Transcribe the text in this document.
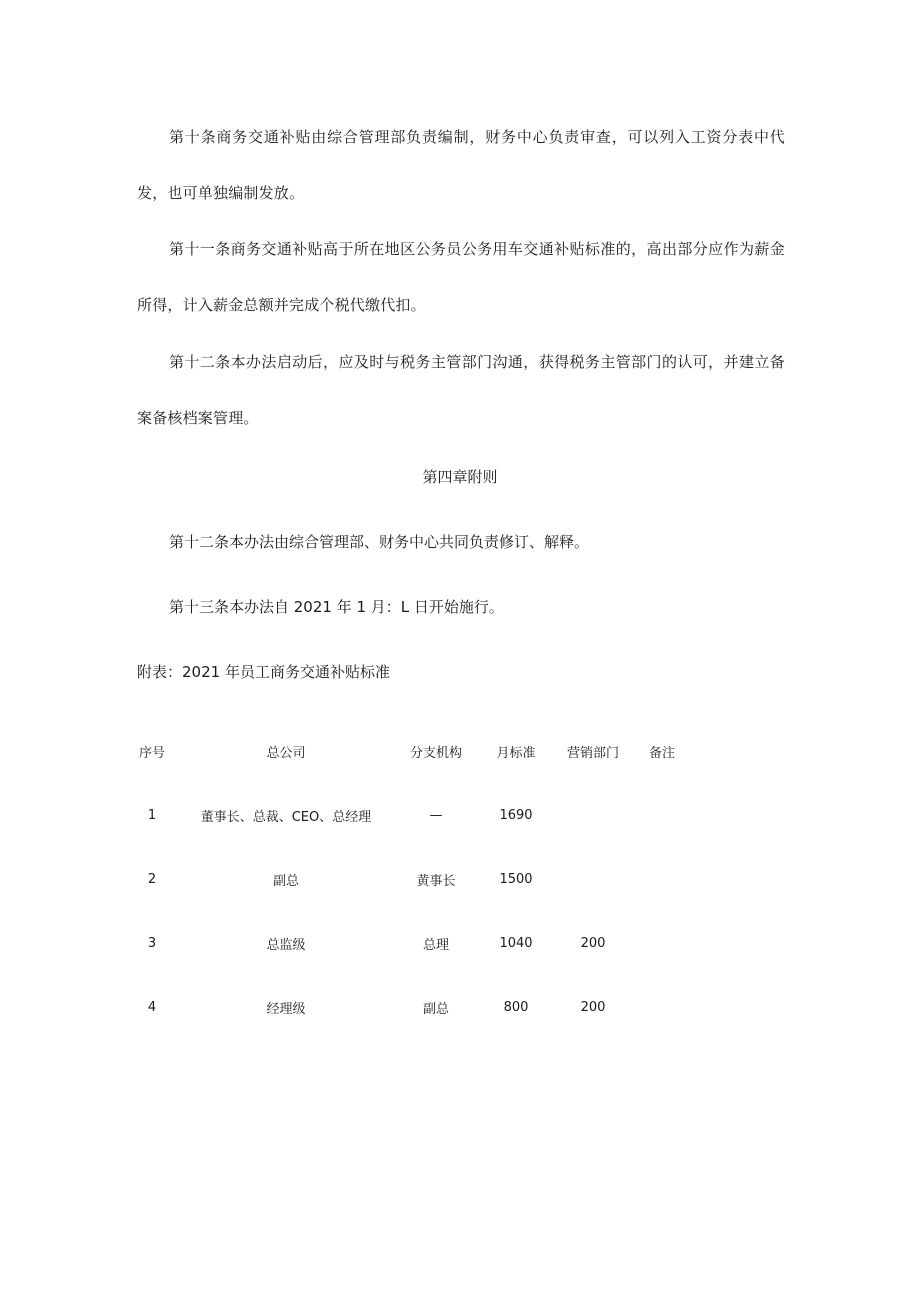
第十条商务交通补贴由综合管理部负责编制，财务中心负责审查，可以列入工资分表中代发，也可单独编制发放。

第十一条商务交通补贴高于所在地区公务员公务用车交通补贴标准的，高出部分应作为薪金所得，计入薪金总额并完成个税代缴代扣。

第十二条本办法启动后，应及时与税务主管部门沟通，获得税务主管部门的认可，并建立备案备核档案管理。

第四章附则

第十二条本办法由综合管理部、财务中心共同负责修订、解释。

第十三条本办法自 2021 年 1 月：L 日开始施行。

附表：2021 年员工商务交通补贴标准

序号	总公司	分支机构	月标准	营销部门	备注
1	董事长、总裁、CEO、总经理	—	1690		
2	副总	黄事长	1500		
3	总监级	总理	1040	200	
4	经理级	副总	800	200	
